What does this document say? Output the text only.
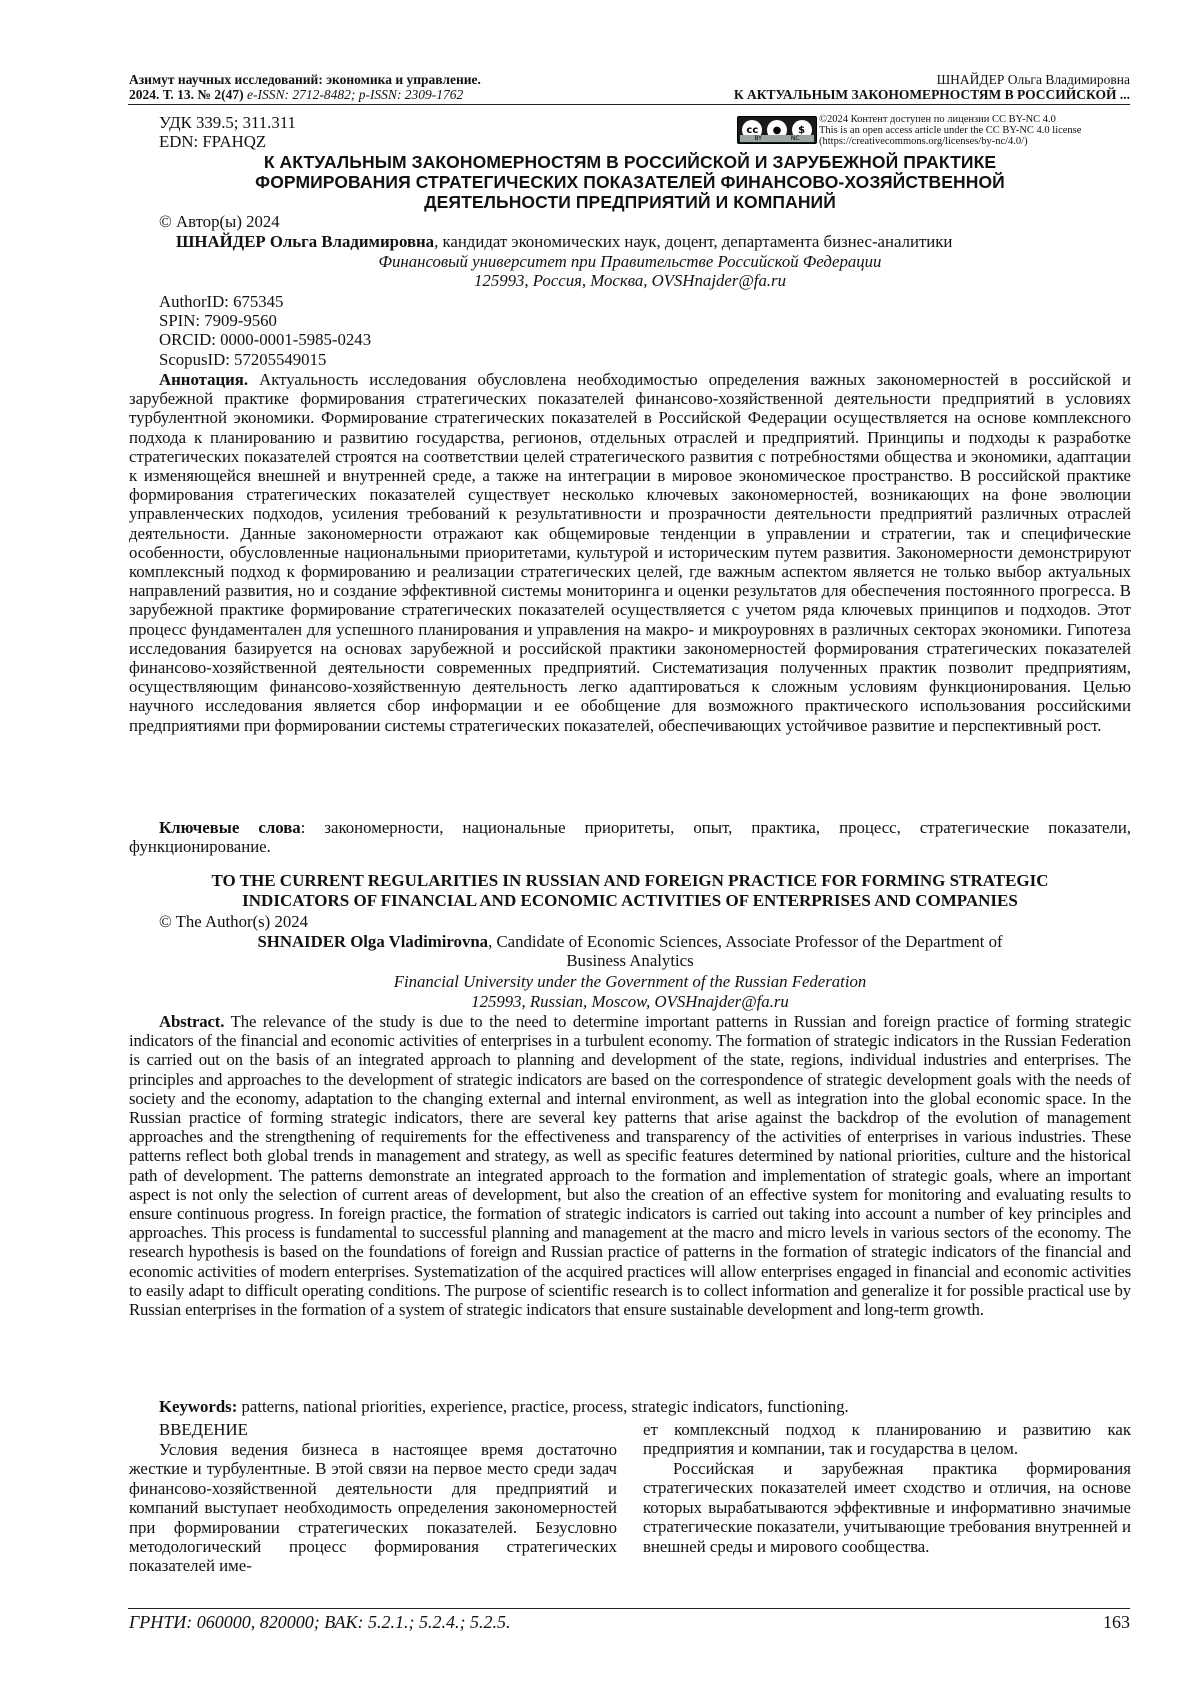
Азимут научных исследований: экономика и управление.
2024. Т. 13. № 2(47) e-ISSN: 2712-8482; p-ISSN: 2309-1762
ШНАЙДЕР Ольга Владимировна
К АКТУАЛЬНЫМ ЗАКОНОМЕРНОСТЯМ В РОССИЙСКОЙ ...
УДК 339.5; 311.311
EDN: FPAHQZ
cc	●	$
BY	NC
©2024 Контент доступен по лицензии CC BY-NC 4.0
This is an open access article under the CC BY-NC 4.0 license
(https://creativecommons.org/licenses/by-nc/4.0/)
К АКТУАЛЬНЫМ ЗАКОНОМЕРНОСТЯМ В РОССИЙСКОЙ И ЗАРУБЕЖНОЙ ПРАКТИКЕ
ФОРМИРОВАНИЯ СТРАТЕГИЧЕСКИХ ПОКАЗАТЕЛЕЙ ФИНАНСОВО-ХОЗЯЙСТВЕННОЙ
ДЕЯТЕЛЬНОСТИ ПРЕДПРИЯТИЙ И КОМПАНИЙ
© Автор(ы) 2024
ШНАЙДЕР Ольга Владимировна, кандидат экономических наук, доцент, департамента бизнес-аналитики
Финансовый университет при Правительстве Российской Федерации
125993, Россия, Москва, OVSHnajder@fa.ru
AuthorID: 675345
SPIN: 7909-9560
ORCID: 0000-0001-5985-0243
ScopusID: 57205549015
Аннотация. Актуальность исследования обусловлена необходимостью определения важных закономерностей в российской и зарубежной практике формирования стратегических показателей финансово-хозяйственной деятельности предприятий в условиях турбулентной экономики. Формирование стратегических показателей в Российской Федерации осуществляется на основе комплексного подхода к планированию и развитию государства, регионов, отдельных отраслей и предприятий. Принципы и подходы к разработке стратегических показателей строятся на соответствии целей стратегического развития с потребностями общества и экономики, адаптации к изменяющейся внешней и внутренней среде, а также на интеграции в мировое экономическое пространство. В российской практике формирования стратегических показателей существует несколько ключевых закономерностей, возникающих на фоне эволюции управленческих подходов, усиления требований к результативности и прозрачности деятельности предприятий различных отраслей деятельности. Данные закономерности отражают как общемировые тенденции в управлении и стратегии, так и специфические особенности, обусловленные национальными приоритетами, культурой и историческим путем развития. Закономерности демонстрируют комплексный подход к формированию и реализации стратегических целей, где важным аспектом является не только выбор актуальных направлений развития, но и создание эффективной системы мониторинга и оценки результатов для обеспечения постоянного прогресса. В зарубежной практике формирование стратегических показателей осуществляется с учетом ряда ключевых принципов и подходов. Этот процесс фундаментален для успешного планирования и управления на макро- и микроуровнях в различных секторах экономики. Гипотеза исследования базируется на основах зарубежной и российской практики закономерностей формирования стратегических показателей финансово-хозяйственной деятельности современных предприятий. Систематизация полученных практик позволит предприятиям, осуществляющим финансово-хозяйственную деятельность легко адаптироваться к сложным условиям функционирования. Целью научного исследования является сбор информации и ее обобщение для возможного практического использования российскими предприятиями при формировании системы стратегических показателей, обеспечивающих устойчивое развитие и перспективный рост.
Ключевые слова: закономерности, национальные приоритеты, опыт, практика, процесс, стратегические показатели, функционирование.
TO THE CURRENT REGULARITIES IN RUSSIAN AND FOREIGN PRACTICE FOR FORMING STRATEGIC
INDICATORS OF FINANCIAL AND ECONOMIC ACTIVITIES OF ENTERPRISES AND COMPANIES
© The Author(s) 2024
SHNAIDER Olga Vladimirovna, Candidate of Economic Sciences, Associate Professor of the Department of
Business Analytics
Financial University under the Government of the Russian Federation
125993, Russian, Moscow, OVSHnajder@fa.ru
Abstract. The relevance of the study is due to the need to determine important patterns in Russian and foreign practice of forming strategic indicators of the financial and economic activities of enterprises in a turbulent economy. The formation of strategic indicators in the Russian Federation is carried out on the basis of an integrated approach to planning and development of the state, regions, individual industries and enterprises. The principles and approaches to the development of strategic indicators are based on the correspondence of strategic development goals with the needs of society and the economy, adaptation to the changing external and internal environment, as well as integration into the global economic space. In the Russian practice of forming strategic indicators, there are several key patterns that arise against the backdrop of the evolution of management approaches and the strengthening of requirements for the effectiveness and transparency of the activities of enterprises in various industries. These patterns reflect both global trends in management and strategy, as well as specific features determined by national priorities, culture and the historical path of development. The patterns demonstrate an integrated approach to the formation and implementation of strategic goals, where an important aspect is not only the selection of current areas of development, but also the creation of an effective system for monitoring and evaluating results to ensure continuous progress. In foreign practice, the formation of strategic indicators is carried out taking into account a number of key principles and approaches. This process is fundamental to successful planning and management at the macro and micro levels in various sectors of the economy. The research hypothesis is based on the foundations of foreign and Russian practice of patterns in the formation of strategic indicators of the financial and economic activities of modern enterprises. Systematization of the acquired practices will allow enterprises engaged in financial and economic activities to easily adapt to difficult operating conditions. The purpose of scientific research is to collect information and generalize it for possible practical use by Russian enterprises in the formation of a system of strategic indicators that ensure sustainable development and long-term growth.
Keywords: patterns, national priorities, experience, practice, process, strategic indicators, functioning.
ВВЕДЕНИЕ
Условия ведения бизнеса в настоящее время достаточно жесткие и турбулентные. В этой связи на первое место среди задач финансово-хозяйственной деятельности для предприятий и компаний выступает необходимость определения закономерностей при формировании стратегических показателей. Безусловно методологический процесс формирования стратегических показателей име-
ет комплексный подход к планированию и развитию как предприятия и компании, так и государства в целом.
Российская и зарубежная практика формирования стратегических показателей имеет сходство и отличия, на основе которых вырабатываются эффективные и информативно значимые стратегические показатели, учитывающие требования внутренней и внешней среды и мирового сообщества.
ГРНТИ: 060000, 820000; ВАК: 5.2.1.; 5.2.4.; 5.2.5.	163
